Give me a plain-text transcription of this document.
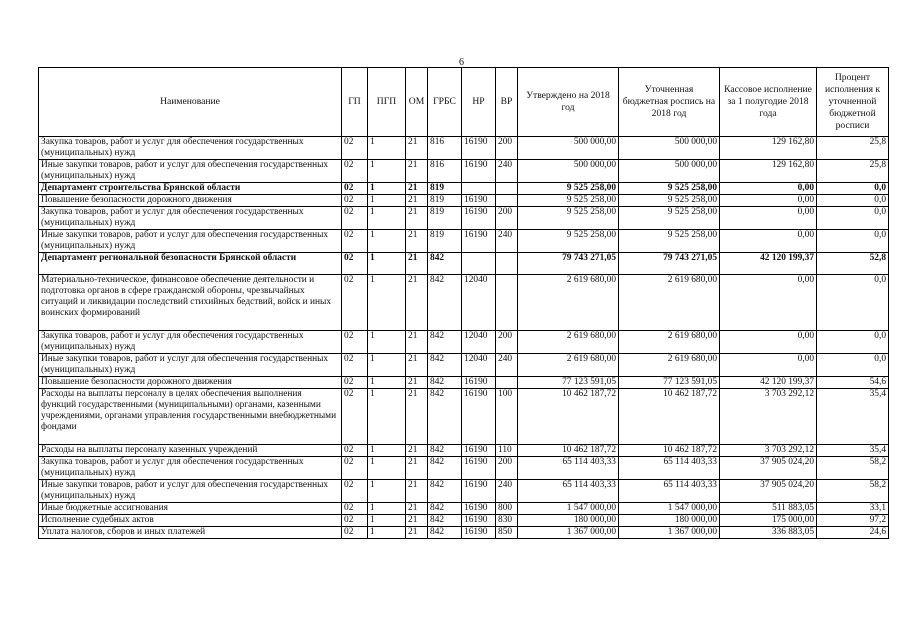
6
Наименование	ГП	ПГП	ОМ	ГРБС	НР	ВР	Утверждено на 2018 год	Уточненная бюджетная роспись на 2018 год	Кассовое исполнение за 1 полугодие 2018 года	Процент исполнения к уточненной бюджетной росписи
Закупка товаров, работ и услуг для обеспечения государственных (муниципальных) нужд	02	1	21	816	16190	200	500 000,00	500 000,00	129 162,80	25,8
Иные закупки товаров, работ и услуг для обеспечения государственных (муниципальных) нужд	02	1	21	816	16190	240	500 000,00	500 000,00	129 162,80	25,8
Департамент строительства Брянской области	02	1	21	819			9 525 258,00	9 525 258,00	0,00	0,0
Повышение безопасности дорожного движения	02	1	21	819	16190		9 525 258,00	9 525 258,00	0,00	0,0
Закупка товаров, работ и услуг для обеспечения государственных (муниципальных) нужд	02	1	21	819	16190	200	9 525 258,00	9 525 258,00	0,00	0,0
Иные закупки товаров, работ и услуг для обеспечения государственных (муниципальных) нужд	02	1	21	819	16190	240	9 525 258,00	9 525 258,00	0,00	0,0
Департамент региональной безопасности Брянской области	02	1	21	842			79 743 271,05	79 743 271,05	42 120 199,37	52,8
Материально-техническое, финансовое обеспечение деятельности и подготовка органов в сфере гражданской обороны, чрезвычайных ситуаций и ликвидации последствий стихийных бедствий, войск и иных воинских формирований	02	1	21	842	12040		2 619 680,00	2 619 680,00	0,00	0,0
Закупка товаров, работ и услуг для обеспечения государственных (муниципальных) нужд	02	1	21	842	12040	200	2 619 680,00	2 619 680,00	0,00	0,0
Иные закупки товаров, работ и услуг для обеспечения государственных (муниципальных) нужд	02	1	21	842	12040	240	2 619 680,00	2 619 680,00	0,00	0,0
Повышение безопасности дорожного движения	02	1	21	842	16190		77 123 591,05	77 123 591,05	42 120 199,37	54,6
Расходы на выплаты персоналу в целях обеспечения выполнения функций государственными (муниципальными) органами, казенными учреждениями, органами управления государственными внебюджетными фондами	02	1	21	842	16190	100	10 462 187,72	10 462 187,72	3 703 292,12	35,4
Расходы на выплаты персоналу казенных учреждений	02	1	21	842	16190	110	10 462 187,72	10 462 187,72	3 703 292,12	35,4
Закупка товаров, работ и услуг для обеспечения государственных (муниципальных) нужд	02	1	21	842	16190	200	65 114 403,33	65 114 403,33	37 905 024,20	58,2
Иные закупки товаров, работ и услуг для обеспечения государственных (муниципальных) нужд	02	1	21	842	16190	240	65 114 403,33	65 114 403,33	37 905 024,20	58,2
Иные бюджетные ассигнования	02	1	21	842	16190	800	1 547 000,00	1 547 000,00	511 883,05	33,1
Исполнение судебных актов	02	1	21	842	16190	830	180 000,00	180 000,00	175 000,00	97,2
Уплата налогов, сборов и иных платежей	02	1	21	842	16190	850	1 367 000,00	1 367 000,00	336 883,05	24,6
